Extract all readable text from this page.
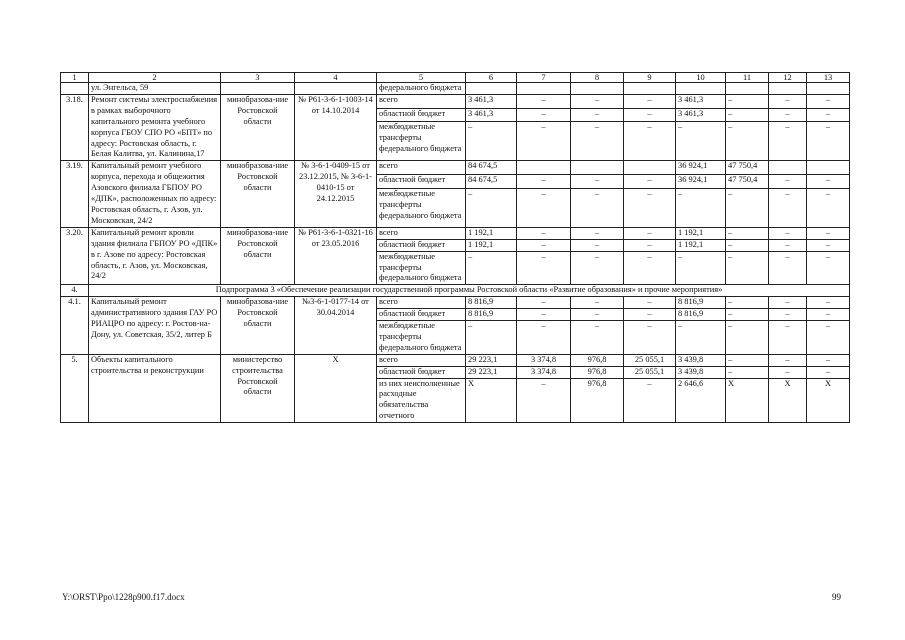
1	2	3	4	5	6	7	8	9	10	11	12	13
	ул. Энгельса, 59			федерального бюджета								
3.18.	Ремонт системы электроснабжения в рамках выборочного капитального ремонта учебного корпуса ГБОУ СПО РО «БПТ» по адресу: Ростовская область, г. Белая Калитва, ул. Калинина,17	минобразова-ние Ростовской области	№ Р61-3-6-1-1003-14 от 14.10.2014	всего	3 461,3	–	–	–	3 461,3	–	–	–
				областной бюджет	3 461,3	–	–	–	3 461,3	–	–	–
				межбюджетные трансферты федерального бюджета	–	–	–	–	–	–	–	–
3.19.	Капитальный ремонт учебного корпуса, перехода и общежития Азовского филиала ГБПОУ РО «ДПК», расположенных по адресу: Ростовская область, г. Азов, ул. Московская, 24/2	минобразова-ние Ростовской области	№ 3-6-1-0409-15 от 23.12.2015, № 3-6-1-0410-15 от 24.12.2015	всего	84 674,5				36 924,1	47 750,4		
				областной бюджет	84 674,5	–	–	–	36 924,1	47 750,4	–	–
				межбюджетные трансферты федерального бюджета	–	–	–	–	–	–	–	–
3.20.	Капитальный ремонт кровли здания филиала ГБПОУ РО «ДПК» в г. Азове по адресу: Ростовская область, г. Азов, ул. Московская, 24/2	минобразова-ние Ростовской области	№ Р61-3-6-1-0321-16 от 23.05.2016	всего	1 192,1	–	–	–	1 192,1	–	–	–
				областной бюджет	1 192,1	–	–	–	1 192,1	–	–	–
				межбюджетные трансферты федерального бюджета	–	–	–	–	–	–	–	–
4.	Подпрограмма 3 «Обеспечение реализации государственной программы Ростовской области «Развитие образования» и прочие мероприятия»											
4.1.	Капитальный ремонт административного здания ГАУ РО РИАЦРО по адресу: г. Ростов-на-Дону, ул. Советская, 35/2, литер Б	минобразова-ние Ростовской области	№3-6-1-0177-14 от 30.04.2014	всего	8 816,9	–	–	–	8 816,9	–	–	–
				областной бюджет	8 816,9	–	–	–	8 816,9	–	–	–
				межбюджетные трансферты федерального бюджета	–	–	–	–	–	–	–	–
5.	Объекты капитального строительства и реконструкции	министерство строительства Ростовской области	Х	всего	29 223,1	3 374,8	976,8	25 055,1	3 439,8	–	–	–
				областной бюджет	29 223,1	3 374,8	976,8	25 055,1	3 439,8	–	–	–
				из них неисполненные расходные обязательства отчетного	Х	–	976,8	–	2 646,6	Х	Х	Х
Y:\ORST\Ppo\1228p900.f17.docx	99
